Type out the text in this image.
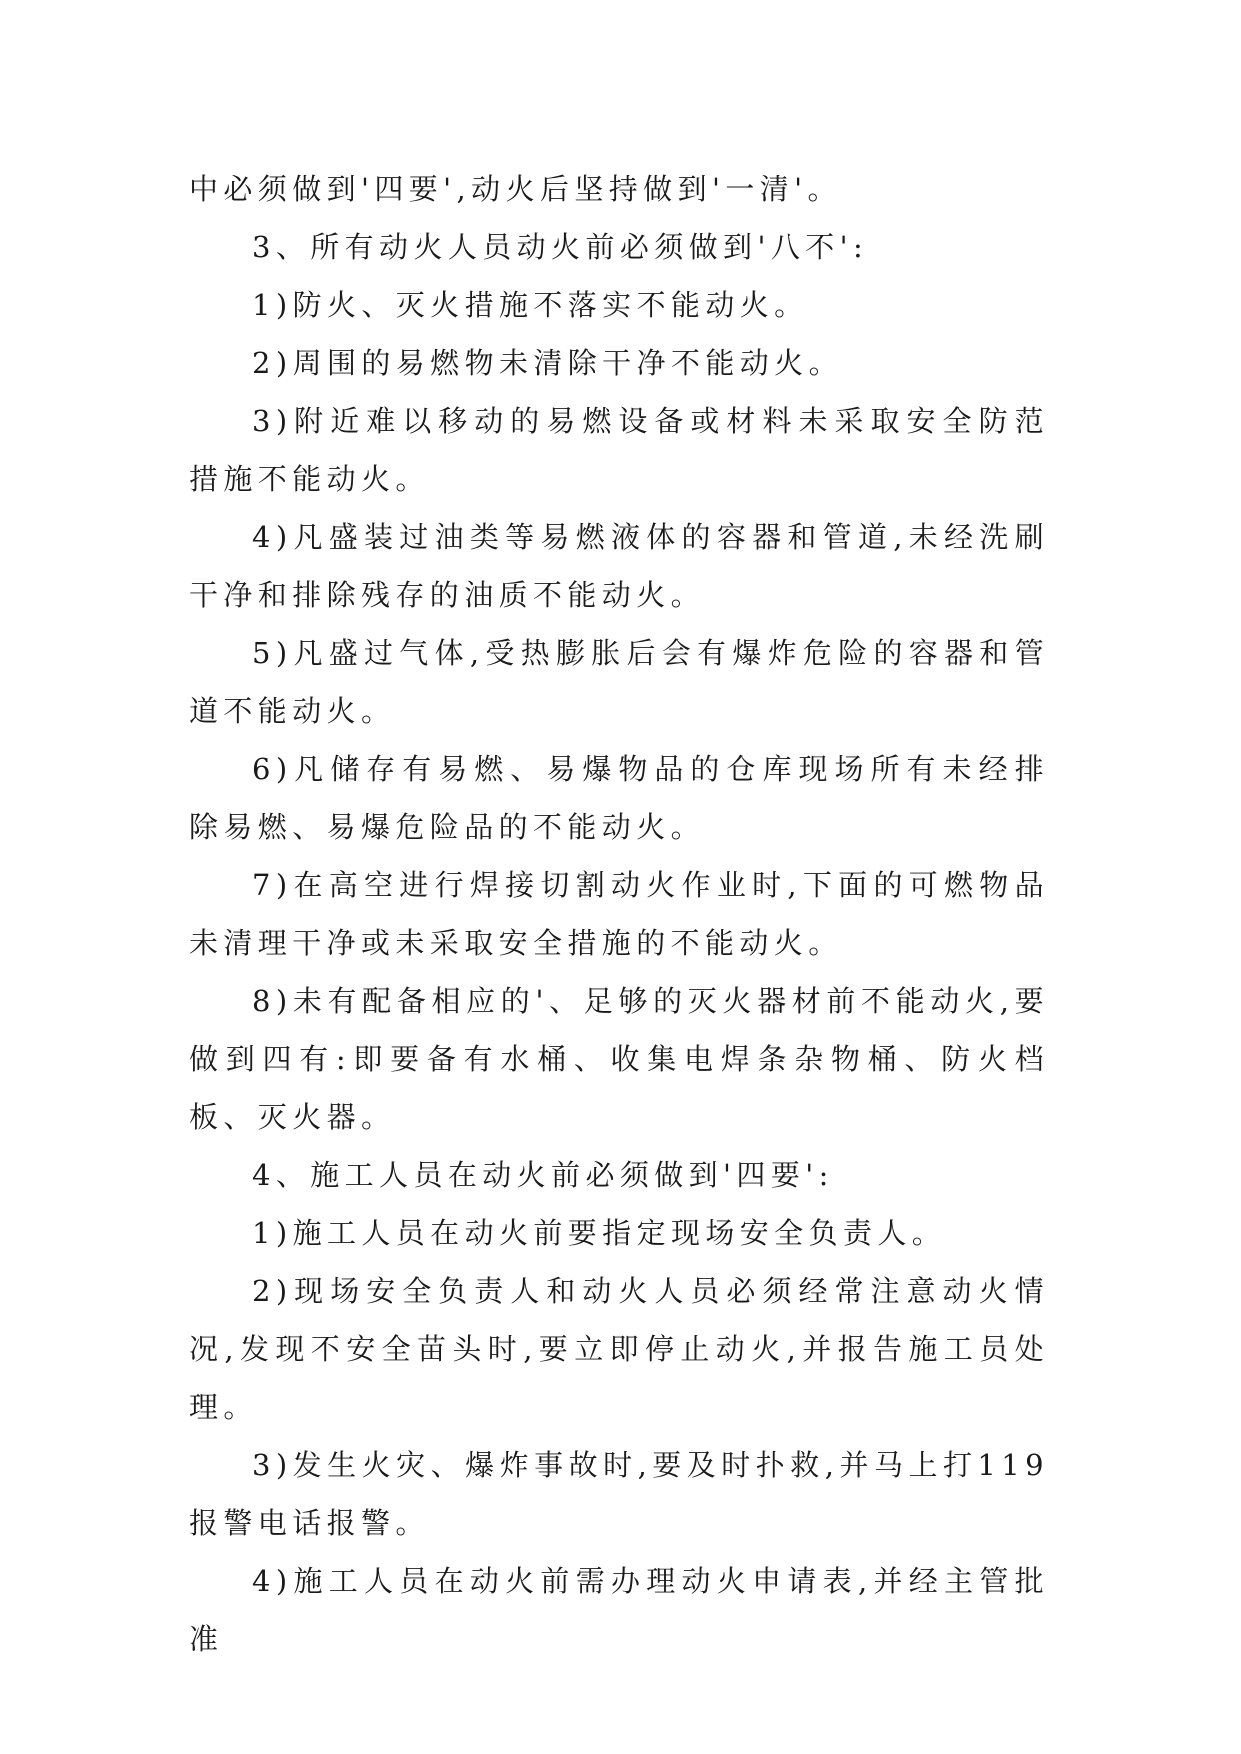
中必须做到'四要',动火后坚持做到'一清'。

3、所有动火人员动火前必须做到'八不':

1)防火、灭火措施不落实不能动火。

2)周围的易燃物未清除干净不能动火。

3)附近难以移动的易燃设备或材料未采取安全防范措施不能动火。

4)凡盛装过油类等易燃液体的容器和管道,未经洗刷干净和排除残存的油质不能动火。

5)凡盛过气体,受热膨胀后会有爆炸危险的容器和管道不能动火。

6)凡储存有易燃、易爆物品的仓库现场所有未经排除易燃、易爆危险品的不能动火。

7)在高空进行焊接切割动火作业时,下面的可燃物品未清理干净或未采取安全措施的不能动火。

8)未有配备相应的'、足够的灭火器材前不能动火,要做到四有:即要备有水桶、收集电焊条杂物桶、防火档板、灭火器。

4、施工人员在动火前必须做到'四要':

1)施工人员在动火前要指定现场安全负责人。

2)现场安全负责人和动火人员必须经常注意动火情况,发现不安全苗头时,要立即停止动火,并报告施工员处理。

3)发生火灾、爆炸事故时,要及时扑救,并马上打119报警电话报警。

4)施工人员在动火前需办理动火申请表,并经主管批准
